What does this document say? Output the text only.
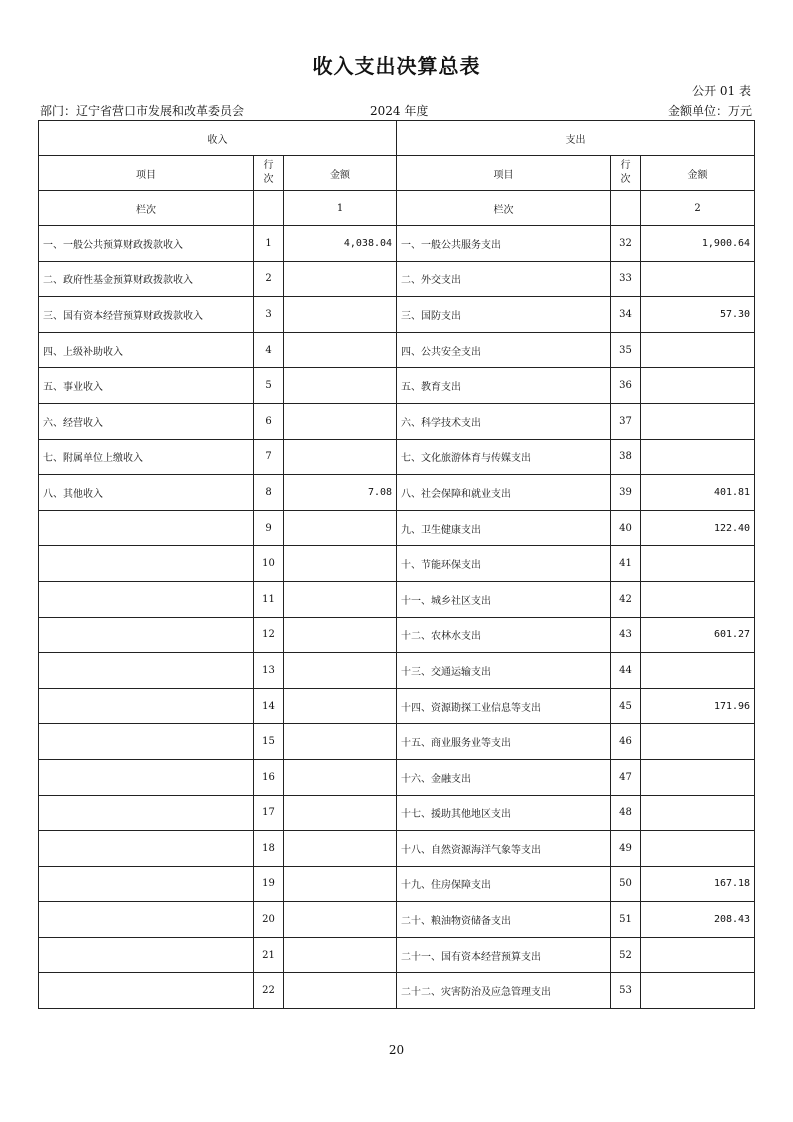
收入支出决算总表
公开 01 表
部门：辽宁省营口市发展和改革委员会	2024 年度	金额单位：万元
收入			支出		
项目	行次	金额	项目	行次	金额
栏次		1	栏次		2
一、一般公共预算财政拨款收入	1	4,038.04	一、一般公共服务支出	32	1,900.64
二、政府性基金预算财政拨款收入	2		二、外交支出	33	
三、国有资本经营预算财政拨款收入	3		三、国防支出	34	57.30
四、上级补助收入	4		四、公共安全支出	35	
五、事业收入	5		五、教育支出	36	
六、经营收入	6		六、科学技术支出	37	
七、附属单位上缴收入	7		七、文化旅游体育与传媒支出	38	
八、其他收入	8	7.08	八、社会保障和就业支出	39	401.81
	9		九、卫生健康支出	40	122.40
	10		十、节能环保支出	41	
	11		十一、城乡社区支出	42	
	12		十二、农林水支出	43	601.27
	13		十三、交通运输支出	44	
	14		十四、资源勘探工业信息等支出	45	171.96
	15		十五、商业服务业等支出	46	
	16		十六、金融支出	47	
	17		十七、援助其他地区支出	48	
	18		十八、自然资源海洋气象等支出	49	
	19		十九、住房保障支出	50	167.18
	20		二十、粮油物资储备支出	51	208.43
	21		二十一、国有资本经营预算支出	52	
	22		二十二、灾害防治及应急管理支出	53	
20
